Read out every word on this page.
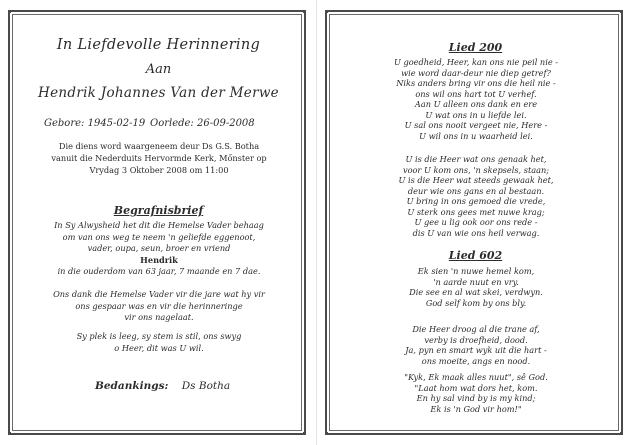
In Liefdevolle Herinnering
Aan
Hendrik Johannes Van der Merwe
Gebore: 1945-02-19 Oorlede: 26-09-2008
Die diens word waargeneem deur Ds G.S. Botha
vanuit die Nederduits Hervormde Kerk, Mőnster op
Vrydag 3 Oktober 2008 om 11:00
Begrafnisbrief
In Sy Alwysheid het dit die Hemelse Vader behaag
om van ons weg te neem 'n geliefde eggenoot,
vader, oupa, seun, broer en vriend
Hendrik
in die ouderdom van 63 jaar, 7 maande en 7 dae.
Ons dank die Hemelse Vader vir die jare wat hy vir
ons gespaar was en vir die herinneringe
vir ons nagelaat.
Sy plek is leeg, sy stem is stil, ons swyg
o Heer, dit was U wil.
Bedankings: Ds Botha
Lied 200
U goedheid, Heer, kan ons nie peil nie -
wie word daar-deur nie diep getref?
Niks anders bring vir ons die heil nie -
ons wil ons hart tot U verhef.
Aan U alleen ons dank en ere
U wat ons in u liefde lei.
U sal ons nooit vergeet nie, Here -
U wil ons in u waarheid lei.
U is die Heer wat ons genaak het,
voor U kom ons, 'n skepsels, staan;
U is die Heer wat steeds gewaak het,
deur wie ons gans en al bestaan.
U bring in ons gemoed die vrede,
U sterk ons gees met nuwe krag;
U gee u lig ook oor ons rede -
dis U van wie ons heil verwag.
Lied 602
Ek sien 'n nuwe hemel kom,
'n aarde nuut en vry.
Die see en al wat skei, verdwyn.
God self kom by ons bly.
Die Heer droog al die trane af,
verby is droefheid, dood.
Ja, pyn en smart wyk uit die hart -
ons moeite, angs en nood.
"Kyk, Ek maak alles nuut", sê God.
"Laat hom wat dors het, kom.
En hy sal vind by is my kind;
Ek is 'n God vir hom!"
